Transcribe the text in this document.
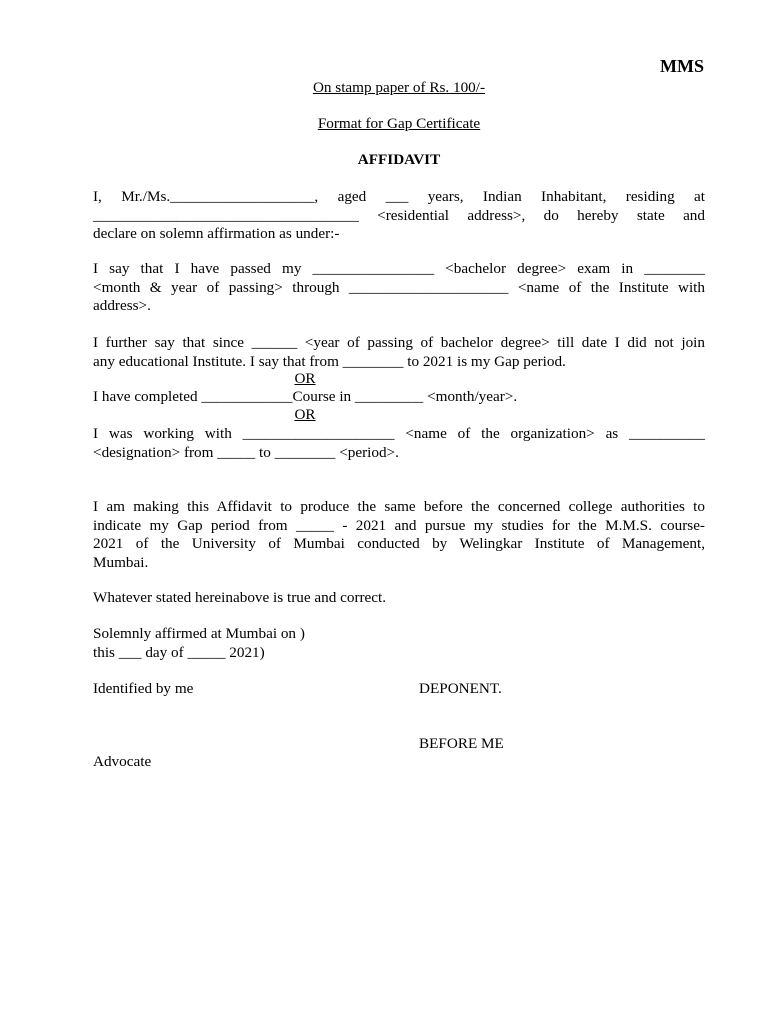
MMS
On stamp paper of Rs. 100/-
Format for Gap Certificate
AFFIDAVIT
I, Mr./Ms.___________________, aged ___ years, Indian Inhabitant, residing at
___________________________________ <residential address>, do hereby state and
declare on solemn affirmation as under:-
I say that I have passed my ________________ <bachelor degree> exam in ________
<month & year of passing> through _____________________ <name of the Institute with
address>.
I further say that since ______ <year of passing of bachelor degree> till date I did not join
any educational Institute. I say that from ________ to 2021 is my Gap period.
OR
I have completed ____________Course in _________ <month/year>.
OR
I was working with ____________________ <name of the organization> as __________
<designation> from _____ to ________ <period>.
I am making this Affidavit to produce the same before the concerned college authorities to
indicate my Gap period from _____ - 2021 and pursue my studies for the M.M.S. course-
2021 of the University of Mumbai conducted by Welingkar Institute of Management,
Mumbai.
Whatever stated hereinabove is true and correct.
Solemnly affirmed at Mumbai on )
this ___ day of _____ 2021)
Identified by me	DEPONENT.
BEFORE ME
Advocate
